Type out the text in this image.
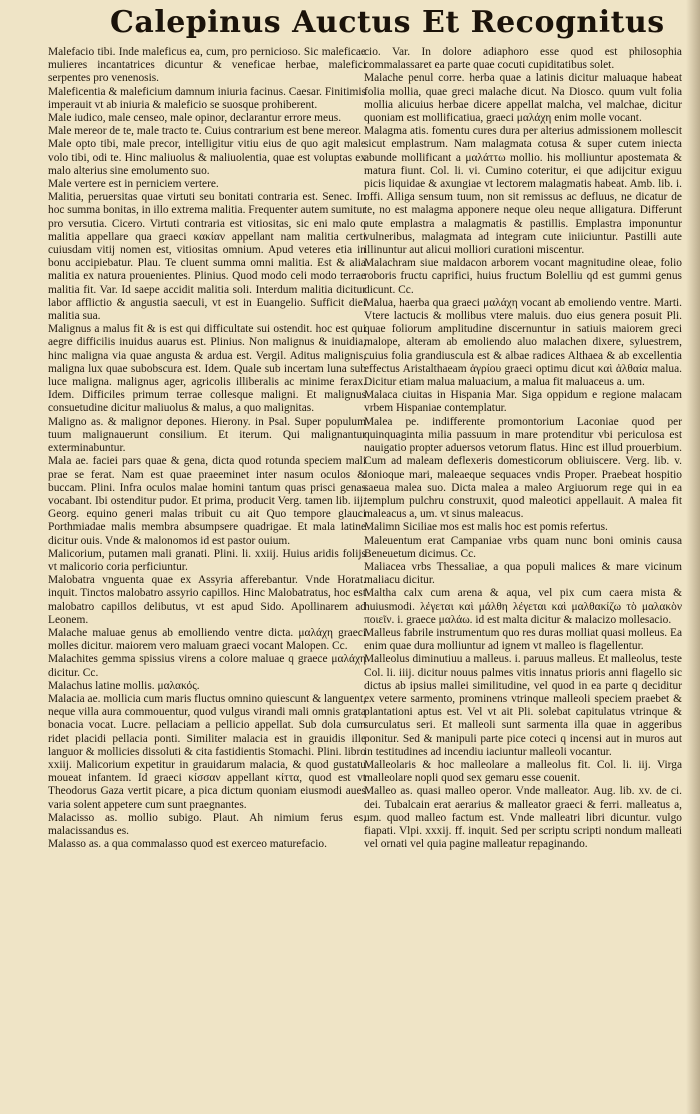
Calepinus Auctus Et Recognitus

Malefacio tibi. Inde maleficus ea, cum, pro pernicioso. Sic maleficae mulieres incantatrices dicuntur & veneficae herbae, malefici serpentes pro venenosis.

Maleficentia & maleficium damnum iniuria facinus. Caesar. Finitimis imperauit vt ab iniuria & maleficio se suosque prohiberent.

Male iudico, male censeo, male opinor, declarantur errore meus.

Male mereor de te, male tracto te. Cuius contrarium est bene mereor.

Male opto tibi, male precor, intelligitur vitiu eius de quo agit male volo tibi, odi te. Hinc maliuolus & maliuolentia, quae est voluptas ex malo alterius sine emolumento suo.

Male vertere est in perniciem vertere.

Malitia, peruersitas quae virtuti seu bonitati contraria est. Senec. In hoc summa bonitas, in illo extrema malitia. Frequenter autem sumitur pro versutia. Cicero. Virtuti contraria est vitiositas, sic eni malo q malitia appellare qua graeci κακίαν appellant nam malitia certi cuiusdam vitij nomen est, vitiositas omnium. Apud veteres etia in bonu accipiebatur. Plau. Te cluent summa omni malitia. Est & alia malitia ex natura prouenientes. Plinius. Quod modo celi modo terrae malitia fit. Var. Id saepe accidit malitia soli. Interdum malitia dicitur labor afflictio & angustia saeculi, vt est in Euangelio. Sufficit diei malitia sua.

Malignus a malus fit & is est qui difficultate sui ostendit. hoc est qui aegre difficilis inuidus auarus est. Plinius. Non malignus & inuidia, hinc maligna via quae angusta & ardua est. Vergil. Aditus malignis, maligna lux quae subobscura est. Idem. Quale sub incertam luna sub luce maligna. malignus ager, agricolis illiberalis ac minime ferax. Idem. Difficiles primum terrae collesque maligni. Et malignus consuetudine dicitur maliuolus & malus, a quo malignitas.

Maligno as. & malignor depones. Hierony. in Psal. Super populum tuum malignauerunt consilium. Et iterum. Qui malignantur exterminabuntur.

Mala ae. faciei pars quae & gena, dicta quod rotunda speciem mali prae se ferat. Nam est quae praeeminet inter nasum oculos & buccam. Plini. Infra oculos malae homini tantum quas prisci genas vocabant. Ibi ostenditur pudor. Et prima, producit Verg. tamen lib. iij. Georg. equino generi malas tribuit cu ait Quo tempore glauci Porthmiadae malis membra absumpsere quadrigae. Et mala latine dicitur ouis. Vnde & malonomos id est pastor ouium.

Malicorium, putamen mali granati. Plini. li. xxiij. Huius aridis folijs vt malicorio coria perficiuntur.

Malobatra vnguenta quae ex Assyria afferebantur. Vnde Horat. inquit. Tinctos malobatro assyrio capillos. Hinc Malobatratus, hoc est malobatro capillos delibutus, vt est apud Sido. Apollinarem ad Leonem.

Malache maluae genus ab emolliendo ventre dicta. μαλάχη graeci molles dicitur. maiorem vero maluam graeci vocant Malopen. Cc.

Malachites gemma spissius virens a colore maluae q graece μαλάχη dicitur. Cc.

Malachus latine mollis. μαλακός.

Malacia ae. mollicia cum maris fluctus omnino quiescunt & languent, neque villa aura commouentur, quod vulgus virandi mali omnis grata bonacia vocat. Lucre. pellaciam a pellicio appellat. Sub dola cum ridet placidi pellacia ponti. Similiter malacia est in grauidis ille languor & mollicies dissoluti & cita fastidientis Stomachi. Plini. libro xxiij. Malicorium expetitur in grauidarum malacia, & quod gustatu moueat infantem. Id graeci κίσσαν appellant κίττα, quod est vt Theodorus Gaza vertit picare, a pica dictum quoniam eiusmodi aues varia solent appetere cum sunt praegnantes.

Malacisso as. mollio subigo. Plaut. Ah nimium ferus es, malacissandus es.

Malasso as. a qua commalasso quod est exerceo maturefacio.

cio. Var. In dolore adiaphoro esse quod est philosophia commalassaret ea parte quae cocuti cupiditatibus solet.

Malache penul corre. herba quae a latinis dicitur maluaque habeat folia mollia, quae greci malache dicut. Na Diosco. quum vult folia mollia alicuius herbae dicere appellat malcha, vel malchae, dicitur quoniam est mollificatiua, graeci μαλάχη enim molle vocant.

Malagma atis. fomentu cures dura per alterius admissionem mollescit sicut emplastrum. Nam malagmata cotusa & super cutem iniecta abunde mollificant a μαλάττω mollio. his molliuntur apostemata & matura fiunt. Col. li. vi. Cumino coteritur, ei que adijcitur exiguu picis liquidae & axungiae vt lectorem malagmatis habeat. Amb. lib. i. offi. Alliga sensum tuum, non sit remissus ac defluus, ne dicatur de te, no est malagma apponere neque oleu neque alligatura. Differunt aute emplastra a malagmatis & pastillis. Emplastra imponuntur vulneribus, malagmata ad integram cute iniiciuntur. Pastilli aute illinuntur aut alicui molliori curationi miscentur.

Malachram siue maldacon arborem vocant magnitudine oleae, folio roboris fructu caprifici, huius fructum Bolelliu qd est gummi genus dicunt. Cc.

Malua, haerba qua graeci μαλάχη vocant ab emoliendo ventre. Marti. Vtere lactucis & mollibus vtere maluis. duo eius genera posuit Pli. quae foliorum amplitudine discernuntur in satiuis maiorem greci malope, alteram ab emoliendo aluo malachen dixere, syluestrem, cuius folia grandiuscula est & albae radices Althaea & ab excellentia effectus Aristalthaeam ἀγρίου graeci optimu dicut καὶ ἀλθαία malua. Dicitur etiam malua maluacium, a malua fit maluaceus a. um.

Malaca ciuitas in Hispania Mar. Siga oppidum e regione malacam vrbem Hispaniae contemplatur.

Malea pe. indifferente promontorium Laconiae quod per quinquaginta milia passuum in mare protenditur vbi periculosa est nauigatio propter aduersos vetorum flatus. Hinc est illud prouerbium. Cum ad maleam deflexeris domesticorum obliuiscere. Verg. lib. v. Ionioque mari, maleaeque sequaces vndis Proper. Praebeat hospitio saeua malea suo. Dicta malea a maleo Argiuorum rege qui in ea templum pulchru construxit, quod maleotici appellauit. A malea fit maleacus a, um. vt sinus maleacus.

Malimn Siciliae mos est malis hoc est pomis refertus.

Maleuentum erat Campaniae vrbs quam nunc boni ominis causa Beneuetum dicimus. Cc.

Maliacea vrbs Thessaliae, a qua populi malices & mare vicinum maliacu dicitur.

Maltha calx cum arena & aqua, vel pix cum caera mista & huiusmodi. λέγεται καὶ μάλθη λέγεται καὶ μαλθακίζω τὸ μαλακὸν ποιεῖν. i. graece μαλάω. id est malta dicitur & malacizo mollesacio.

Malleus fabrile instrumentum quo res duras molliat quasi molleus. Ea enim quae dura molliuntur ad ignem vt malleo is flagellentur.

Malleolus diminutiuu a malleus. i. paruus malleus. Et malleolus, teste Col. li. iiij. dicitur nouus palmes vitis innatus prioris anni flagello sic dictus ab ipsius mallei similitudine, vel quod in ea parte q deciditur ex vetere sarmento, prominens vtrinque malleoli speciem praebet & plantationi aptus est. Vel vt ait Pli. solebat capitulatus vtrinque & surculatus seri. Et malleoli sunt sarmenta illa quae in aggeribus ponitur. Sed & manipuli parte pice coteci q incensi aut in muros aut in testitudines ad incendiu iaciuntur malleoli vocantur.

Malleolaris & hoc malleolare a malleolus fit. Col. li. iij. Virga malleolare nopli quod sex gemaru esse couenit.

Malleo as. quasi malleo operor. Vnde malleator. Aug. lib. xv. de ci. dei. Tubalcain erat aerarius & malleator graeci & ferri. malleatus a, um. quod malleo factum est. Vnde malleatri libri dicuntur. vulgo fiapati. Vlpi. xxxij. ff. inquit. Sed per scriptu scripti nondum malleati vel ornati vel quia pagine malleatur repaginando.
